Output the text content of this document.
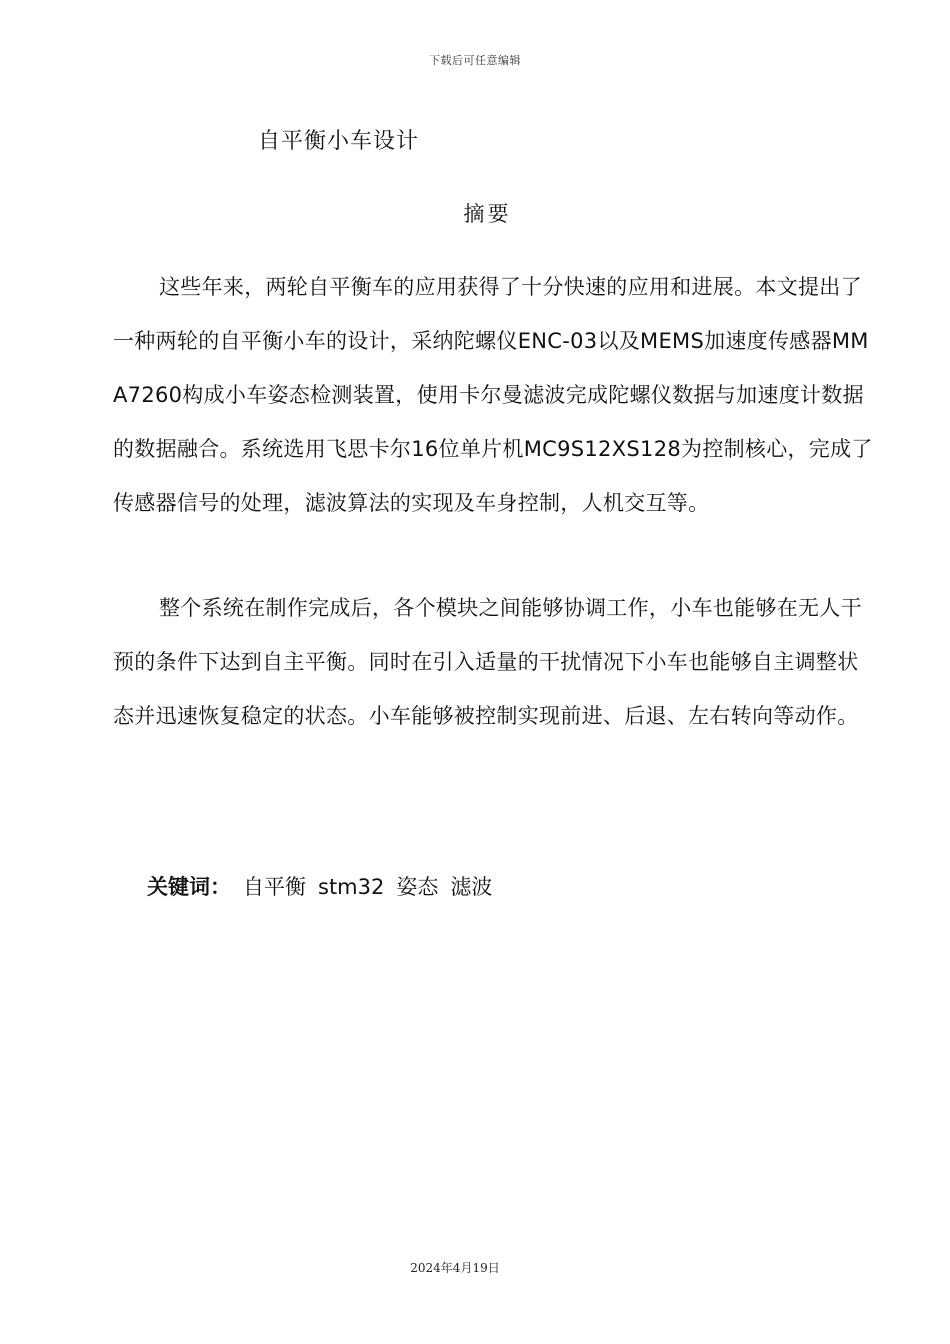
下载后可任意编辑
自平衡小车设计
摘要

这些年来，两轮自平衡车的应用获得了十分快速的应用和进展。本文提出了一种两轮的自平衡小车的设计，采纳陀螺仪ENC-03以及MEMS加速度传感器MMA7260构成小车姿态检测装置，使用卡尔曼滤波完成陀螺仪数据与加速度计数据的数据融合。系统选用飞思卡尔16位单片机MC9S12XS128为控制核心，完成了传感器信号的处理，滤波算法的实现及车身控制，人机交互等。

整个系统在制作完成后，各个模块之间能够协调工作，小车也能够在无人干预的条件下达到自主平衡。同时在引入适量的干扰情况下小车也能够自主调整状态并迅速恢复稳定的状态。小车能够被控制实现前进、后退、左右转向等动作。

关键词： 自平衡 stm32 姿态 滤波
2024年4月19日
